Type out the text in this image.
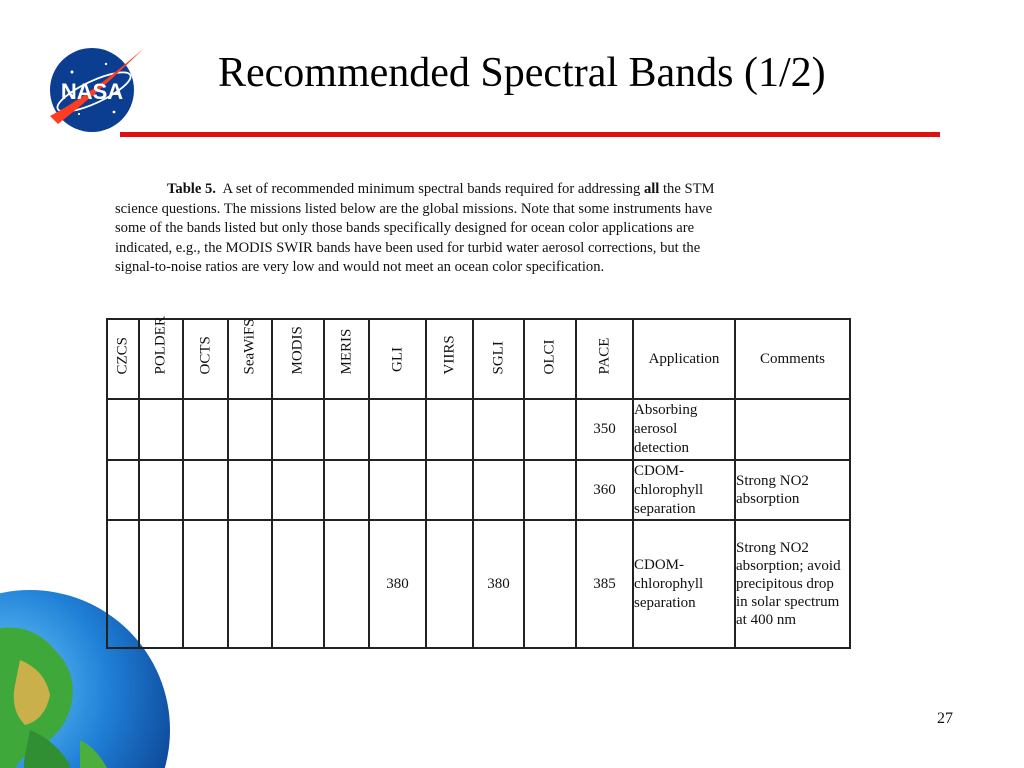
NASA Recommended Spectral Bands (1/2)
Table 5. A set of recommended minimum spectral bands required for addressing all the STM science questions. The missions listed below are the global missions. Note that some instruments have some of the bands listed but only those bands specifically designed for ocean color applications are indicated, e.g., the MODIS SWIR bands have been used for turbid water aerosol corrections, but the signal-to-noise ratios are very low and would not meet an ocean color specification.
CZCS	POLDER	OCTS	SeaWiFS	MODIS	MERIS	GLI	VIIRS	SGLI	OLCI	PACE	Application	Comments

										350	Absorbing aerosol detection	
										360	CDOM-chlorophyll separation	Strong NO2 absorption
						380		380		385	CDOM-chlorophyll separation	Strong NO2 absorption; avoid precipitous drop in solar spectrum at 400 nm
27
